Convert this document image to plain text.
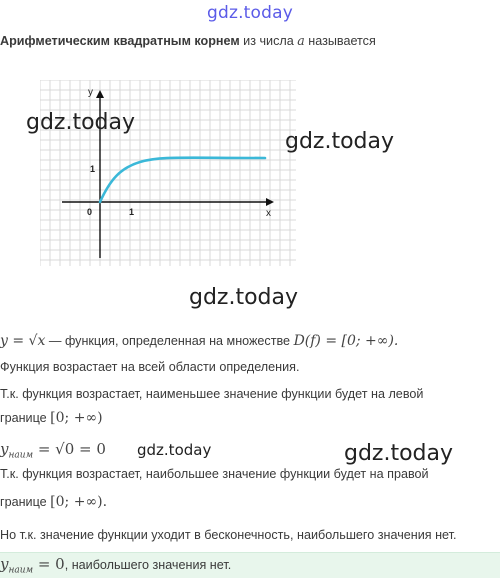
gdz.today
Арифметическим квадратным корнем из числа a называется
y
x
0	1
1
gdz.today
gdz.today
gdz.today
y = √x — функция, определенная на множестве D(f) = [0; +∞).
Функция возрастает на всей области определения.
Т.к. функция возрастает, наименьшее значение функции будет на левой
границе [0; +∞)
$y_{наим} = √0 = 0$ gdz.today	gdz.today
Т.к. функция возрастает, наибольшее значение функции будет на правой
границе [0; +∞).
Но т.к. значение функции уходит в бесконечность, наибольшего значения нет.
$y_{наим} = 0$, наибольшего значения нет.
